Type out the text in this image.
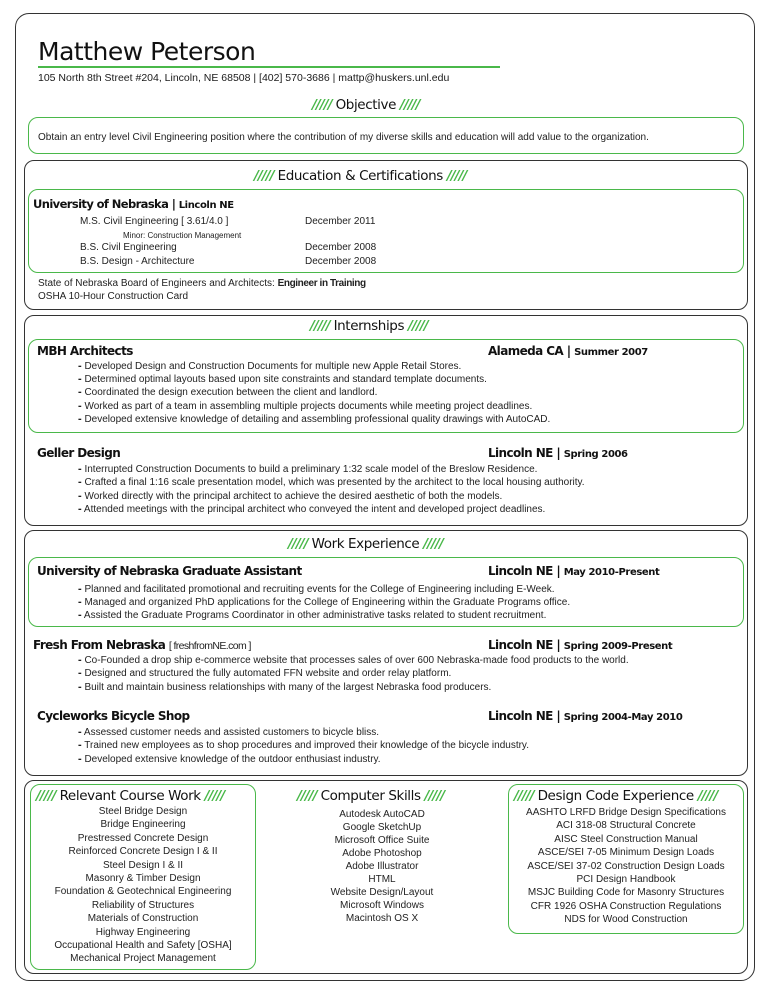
Matthew Peterson
105 North 8th Street #204, Lincoln, NE 68508 | [402] 570-3686 | mattp@huskers.unl.edu
///// Objective /////
Obtain an entry level Civil Engineering position where the contribution of my diverse skills and education will add value to the organization.
///// Education & Certifications /////
University of Nebraska | Lincoln NE
M.S. Civil Engineering [ 3.61/4.0 ]	December 2011
Minor: Construction Management
B.S. Civil Engineering	December 2008
B.S. Design - Architecture	December 2008
State of Nebraska Board of Engineers and Architects: Engineer in Training
OSHA 10-Hour Construction Card
///// Internships /////
MBH Architects	Alameda CA | Summer 2007
- Developed Design and Construction Documents for multiple new Apple Retail Stores.
- Determined optimal layouts based upon site constraints and standard template documents.
- Coordinated the design execution between the client and landlord.
- Worked as part of a team in assembling multiple projects documents while meeting project deadlines.
- Developed extensive knowledge of detailing and assembling professional quality drawings with AutoCAD.
Geller Design	Lincoln NE | Spring 2006
- Interrupted Construction Documents to build a preliminary 1:32 scale model of the Breslow Residence.
- Crafted a final 1:16 scale presentation model, which was presented by the architect to the local housing authority.
- Worked directly with the principal architect to achieve the desired aesthetic of both the models.
- Attended meetings with the principal architect who conveyed the intent and developed project deadlines.
///// Work Experience /////
University of Nebraska Graduate Assistant	Lincoln NE | May 2010-Present
- Planned and facilitated promotional and recruiting events for the College of Engineering including E-Week.
- Managed and organized PhD applications for the College of Engineering within the Graduate Programs office.
- Assisted the Graduate Programs Coordinator in other administrative tasks related to student recruitment.
Fresh From Nebraska [ freshfromNE.com ]	Lincoln NE | Spring 2009-Present
- Co-Founded a drop ship e-commerce website that processes sales of over 600 Nebraska-made food products to the world.
- Designed and structured the fully automated FFN website and order relay platform.
- Built and maintain business relationships with many of the largest Nebraska food producers.
Cycleworks Bicycle Shop	Lincoln NE | Spring 2004-May 2010
- Assessed customer needs and assisted customers to bicycle bliss.
- Trained new employees as to shop procedures and improved their knowledge of the bicycle industry.
- Developed extensive knowledge of the outdoor enthusiast industry.
///// Relevant Course Work /////
Steel Bridge Design
Bridge Engineering
Prestressed Concrete Design
Reinforced Concrete Design I & II
Steel Design I & II
Masonry & Timber Design
Foundation & Geotechnical Engineering
Reliability of Structures
Materials of Construction
Highway Engineering
Occupational Health and Safety [OSHA]
Mechanical Project Management
///// Computer Skills /////
Autodesk AutoCAD
Google SketchUp
Microsoft Office Suite
Adobe Photoshop
Adobe Illustrator
HTML
Website Design/Layout
Microsoft Windows
Macintosh OS X
///// Design Code Experience /////
AASHTO LRFD Bridge Design Specifications
ACI 318-08 Structural Concrete
AISC Steel Construction Manual
ASCE/SEI 7-05 Minimum Design Loads
ASCE/SEI 37-02 Construction Design Loads
PCI Design Handbook
MSJC Building Code for Masonry Structures
CFR 1926 OSHA Construction Regulations
NDS for Wood Construction
